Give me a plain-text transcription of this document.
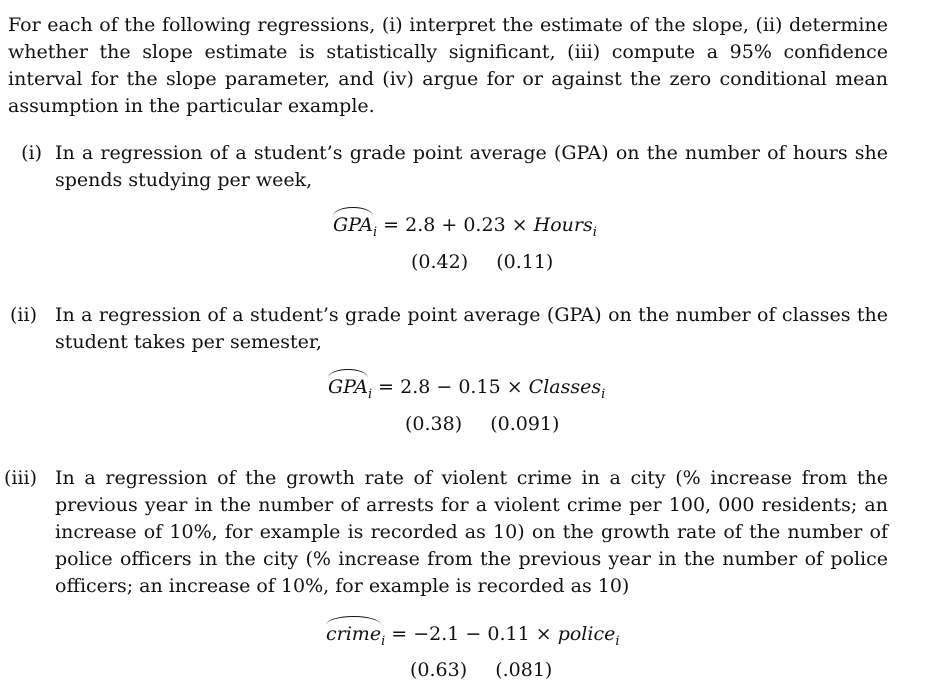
For each of the following regressions, (i) interpret the estimate of the slope, (ii) determine whether the slope estimate is statistically significant, (iii) compute a 95% confidence interval for the slope parameter, and (iv) argue for or against the zero conditional mean assumption in the particular example.

(i) In a regression of a student’s grade point average (GPA) on the number of hours she spends studying per week,
$GPA_i = 2.8 + 0.23$ × Hours$_i$
(0.42) (0.11)
(ii) In a regression of a student’s grade point average (GPA) on the number of classes the student takes per semester,
$GPA_i = 2.8 - 0.15$ × Classes$_i$
(0.38) (0.091)
(iii) In a regression of the growth rate of violent crime in a city (% increase from the previous year in the number of arrests for a violent crime per 100, 000 residents; an increase of 10%, for example is recorded as 10) on the growth rate of the number of police officers in the city (% increase from the previous year in the number of police officers; an increase of 10%, for example is recorded as 10)
crime$_i$ = −2.1 − 0.11 × police$_i$
(0.63) (.081)
